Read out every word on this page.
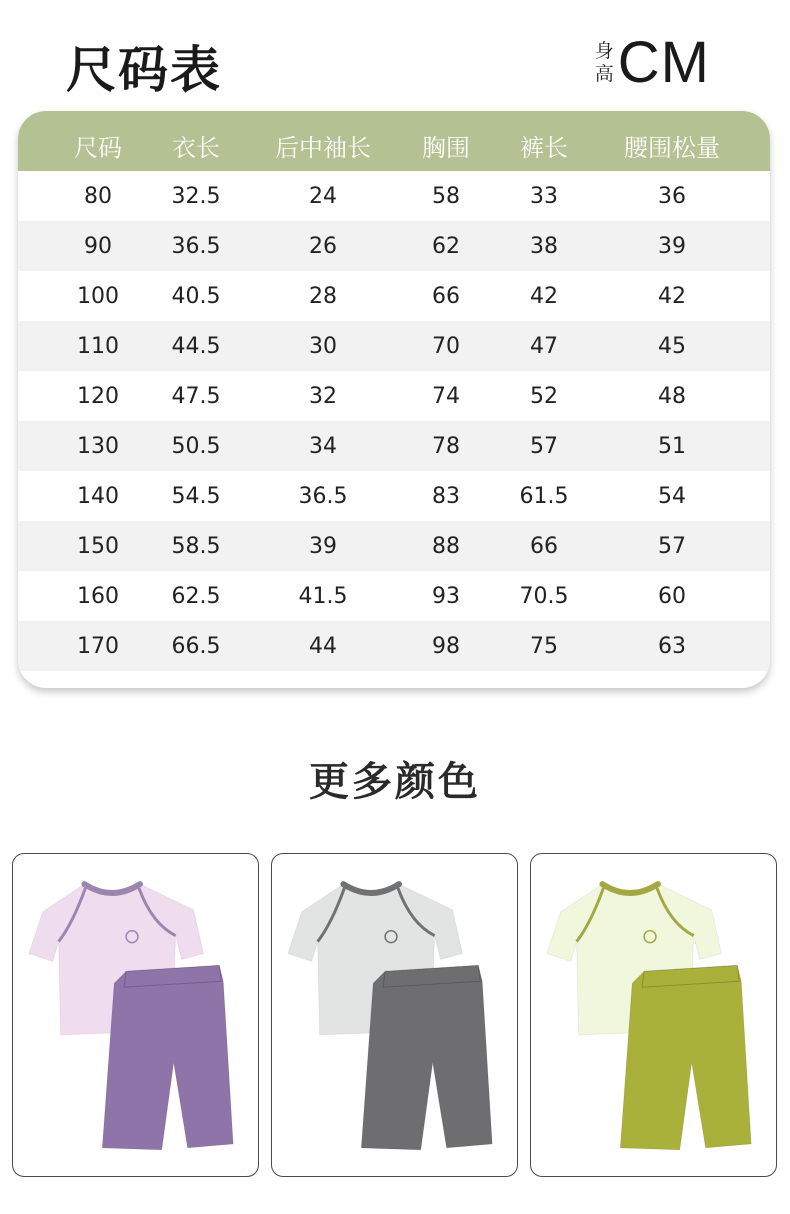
尺码表	身
高 CM
尺码 衣长 后中袖长 胸围 裤长 腰围松量
80	32.5	24	58	33	36
90	36.5	26	62	38	39
100 40.5	28	66	42	42
110 44.5	30	70	47	45
120 47.5	32	74	52	48
130 50.5	34	78	57	51
140 54.5	36.5	83	61.5	54
150 58.5	39	88	66	57
160 62.5	41.5	93	70.5	60
170 66.5	44	98	75	63
更多颜色
